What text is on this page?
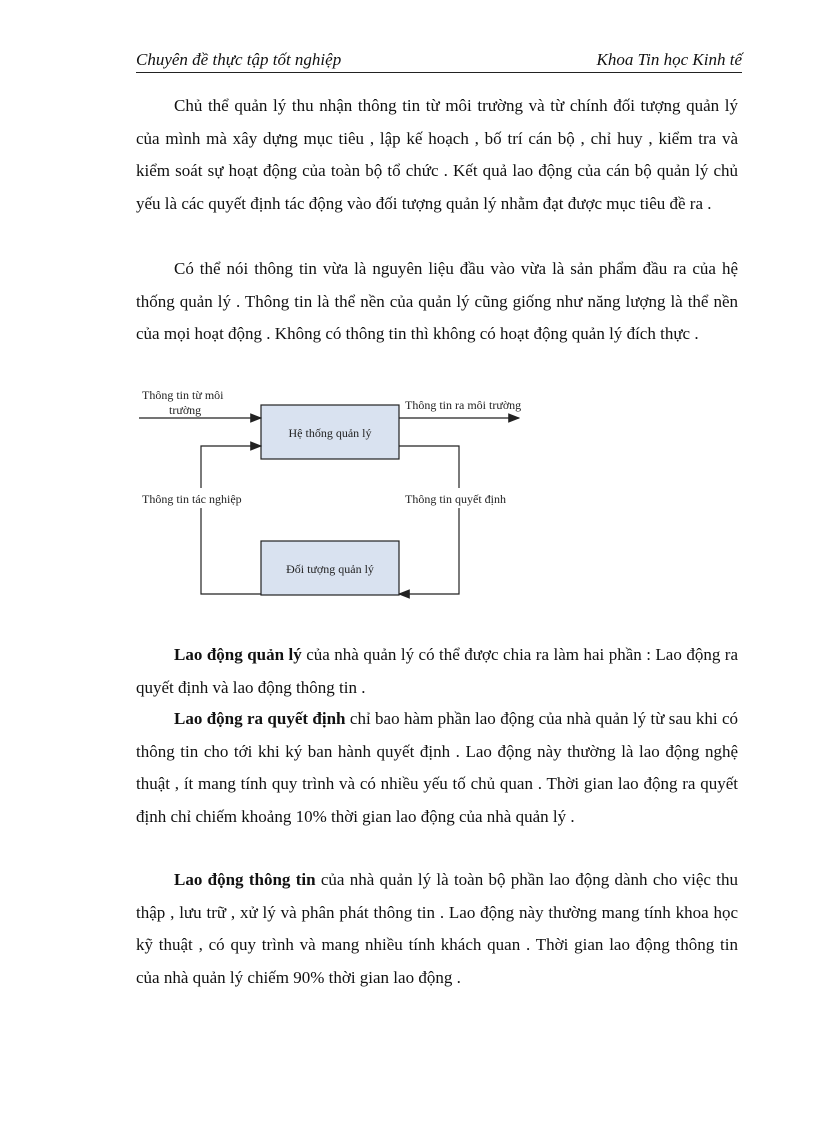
Chuyên đề thực tập tốt nghiệp	Khoa Tin học Kinh tế

Chủ thể quản lý thu nhận thông tin từ môi trường và từ chính đối tượng quản lý của mình mà xây dựng mục tiêu , lập kế hoạch , bố trí cán bộ , chỉ huy , kiểm tra và kiểm soát sự hoạt động của toàn bộ tổ chức . Kết quả lao động của cán bộ quản lý chủ yếu là các quyết định tác động vào đối tượng quản lý nhằm đạt được mục tiêu đề ra .

Có thể nói thông tin vừa là nguyên liệu đầu vào vừa là sản phẩm đầu ra của hệ thống quản lý . Thông tin là thể nền của quản lý cũng giống như năng lượng là thể nền của mọi hoạt động . Không có thông tin thì không có hoạt động quản lý đích thực .

Hệ thống quản lý
Thông tin từ môi
trường	Thông tin ra môi trường
Thông tin tác nghiệp	Thông tin quyết định
Đối tượng quản lý

Lao động quản lý của nhà quản lý có thể được chia ra làm hai phần : Lao động ra quyết định và lao động thông tin .

Lao động ra quyết định chỉ bao hàm phần lao động của nhà quản lý từ sau khi có thông tin cho tới khi ký ban hành quyết định . Lao động này thường là lao động nghệ thuật , ít mang tính quy trình và có nhiều yếu tố chủ quan . Thời gian lao động ra quyết định chỉ chiếm khoảng 10% thời gian lao động của nhà quản lý .

Lao động thông tin của nhà quản lý là toàn bộ phần lao động dành cho việc thu thập , lưu trữ , xử lý và phân phát thông tin . Lao động này thường mang tính khoa học kỹ thuật , có quy trình và mang nhiều tính khách quan . Thời gian lao động thông tin của nhà quản lý chiếm 90% thời gian lao động .
